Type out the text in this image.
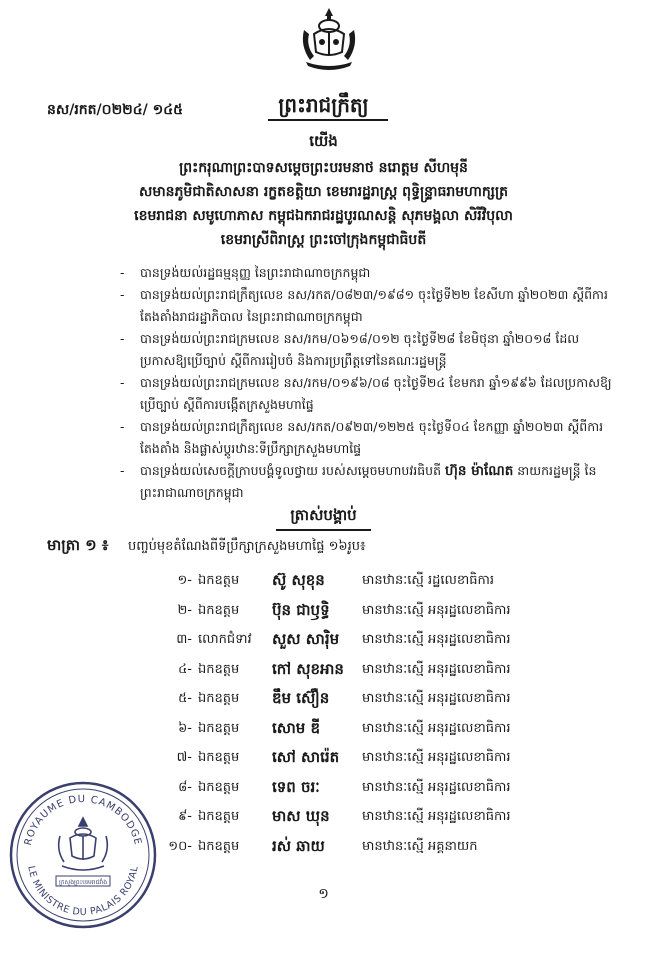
នស/រកត/០២២៤/ ១៤៥	ព្រះរាជក្រឹត្យ
យើង
ព្រះករុណាព្រះបាទសម្ដេចព្រះបរមនាថ នរោត្តម សីហមុនី
សមានភូមិជាតិសាសនា រក្ខតខត្តិយា ខេមរារដ្ឋរាស្ដ្រ ពុទ្ធិន្ទ្រាធរាមហាក្សត្រ
ខេមរាជនា សមូហោភាស កម្ពុជឯករាជរដ្ឋបូរណសន្តិ សុភមង្គលា សិរីវិបុលា
ខេមរាស្រីពិរាស្ដ្រ ព្រះចៅក្រុងកម្ពុជាធិបតី
- បានទ្រង់យល់រដ្ឋធម្មនុញ្ញ នៃព្រះរាជាណាចក្រកម្ពុជា
- បានទ្រង់យល់ព្រះរាជក្រឹត្យលេខ នស/រកត/០៨២៣/១៩៨១ ចុះថ្ងៃទី២២ ខែសីហា ឆ្នាំ២០២៣ ស្ដីពីការតែងតាំងរាជរដ្ឋាភិបាល នៃព្រះរាជាណាចក្រកម្ពុជា
- បានទ្រង់យល់ព្រះរាជក្រមលេខ នស/រកម/០៦១៨/០១២ ចុះថ្ងៃទី២៨ ខែមិថុនា ឆ្នាំ២០១៨ ដែលប្រកាសឱ្យប្រើច្បាប់ ស្ដីពីការរៀបចំ និងការប្រព្រឹត្តទៅនៃគណៈរដ្ឋមន្ត្រី
- បានទ្រង់យល់ព្រះរាជក្រមលេខ នស/រកម/០១៩៦/០៨ ចុះថ្ងៃទី២៤ ខែមករា ឆ្នាំ១៩៩៦ ដែលប្រកាសឱ្យប្រើច្បាប់ ស្ដីពីការបង្កើតក្រសួងមហាផ្ទៃ
- បានទ្រង់យល់ព្រះរាជក្រឹត្យលេខ នស/រកត/០៩២៣/១២២៥ ចុះថ្ងៃទី០៤ ខែកញ្ញា ឆ្នាំ២០២៣ ស្ដីពីការតែងតាំង និងផ្លាស់ប្ដូរឋានៈទីប្រឹក្សាក្រសួងមហាផ្ទៃ
- បានទ្រង់យល់សេចក្ដីក្រាបបង្គំទូលថ្វាយ របស់សម្ដេចមហាបវរធិបតី ហ៊ុន ម៉ាណែត នាយករដ្ឋមន្ត្រី នៃព្រះរាជាណាចក្រកម្ពុជា
ត្រាស់បង្គាប់
មាត្រា ១ ៖ បញ្ចប់មុខតំណែងពីទីប្រឹក្សាក្រសួងមហាផ្ទៃ ១៦រូប៖
១- ឯកឧត្តម ស៊ូ សុខុន	មានឋានៈស្មើ រដ្ឋលេខាធិការ
២- ឯកឧត្តម ប៊ុន ជាឫទ្ធិ មានឋានៈស្មើ អនុរដ្ឋលេខាធិការ
៣- លោកជំទាវ សួស សារ៉ិម មានឋានៈស្មើ អនុរដ្ឋលេខាធិការ
៤- ឯកឧត្តម កៅ សុខអាន មានឋានៈស្មើ អនុរដ្ឋលេខាធិការ
៥- ឯកឧត្តម ឌឹម ស៊ឿន	មានឋានៈស្មើ អនុរដ្ឋលេខាធិការ
៦- ឯកឧត្តម សោម ឌី	មានឋានៈស្មើ អនុរដ្ឋលេខាធិការ
៧- ឯកឧត្តម សៅ សារ៉េត មានឋានៈស្មើ អនុរដ្ឋលេខាធិការ
៨- ឯកឧត្តម ទេព ចរៈ	មានឋានៈស្មើ អនុរដ្ឋលេខាធិការ
៩- ឯកឧត្តម មាស ឃុន មានឋានៈស្មើ អនុរដ្ឋលេខាធិការ
១០- ឯកឧត្តម រស់ ឆាយ	មានឋានៈស្មើ អគ្គនាយក
ROYAUME DU CAMBODGE
LE MINISTRE DU PALAIS ROYAL
ក្រសួងព្រះបរមរាជវាំង
១
